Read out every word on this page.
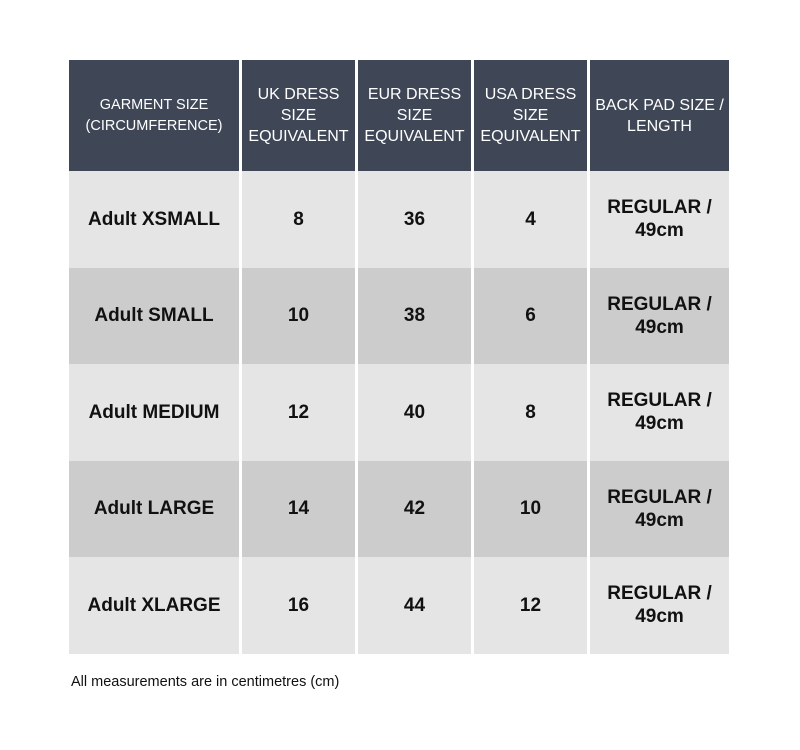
GARMENT SIZE (CIRCUMFERENCE)	UK DRESS SIZE EQUIVALENT	EUR DRESS SIZE EQUIVALENT	USA DRESS SIZE EQUIVALENT	BACK PAD SIZE / LENGTH
Adult XSMALL	8	36	4	REGULAR / 49cm
Adult SMALL	10	38	6	REGULAR / 49cm
Adult MEDIUM	12	40	8	REGULAR / 49cm
Adult LARGE	14	42	10	REGULAR / 49cm
Adult XLARGE	16	44	12	REGULAR / 49cm
All measurements are in centimetres (cm)
